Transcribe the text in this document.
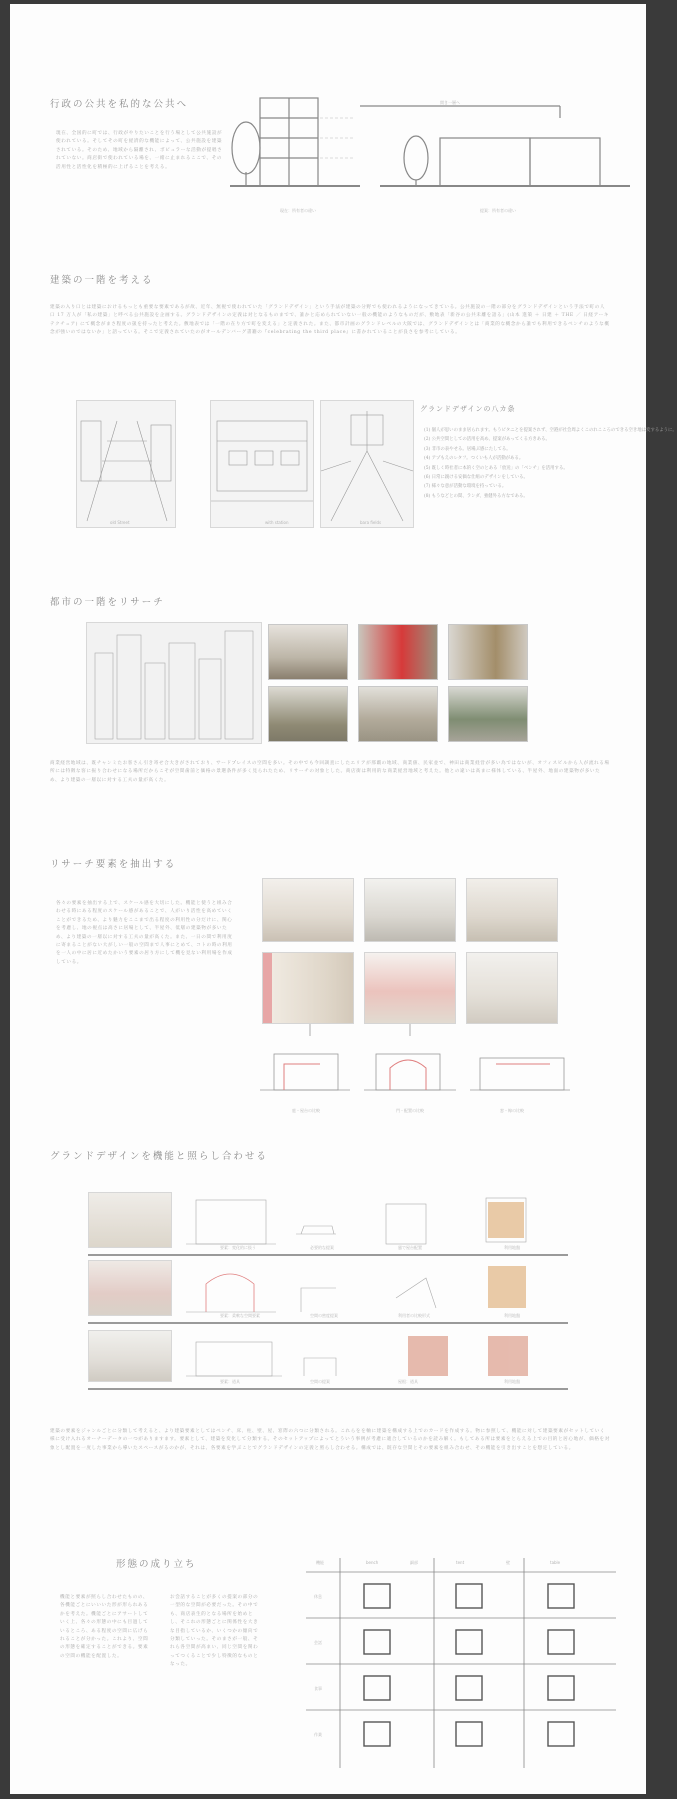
行政の公共を私的な公共へ
現在、全国的に町では、行政がやりたいことを行う場として公共施設が使われている。そしてその町を経済的な機能によって、公共施設を建築されている。そのため、地域から隔離され、ポピュラーな活動が提唱されていない。商店街で使われている場を、一緒に止まれるここで、その活用性と活性化を積極的に上げることを考える。
現在：所有者の違い	提案：所有者の違い
開き一層へ
建築の一階を考える
建築の入り口とは建築におけるもっとも重要な要素であるが故、近年、無視で使われていた「グランドデザイン」という手法が建築の分野でも使われるようになってきている。公共施設の一階の部分をグランドデザインという手法で町の人口 17 万人が「私の建築」と呼べる公共施設を企画する。グランドデザインの定義は対となるものまでで、誰かと応められていない一般の機能のようなものだが、敷地表「新谷の公共未離を語る」(山本 進策 ＋ 日建 ＋ THE ／ 日経アーキテクチュア) にて概念がまさ程度の扱を持ったと考えた。敷地表では「一階の在り方で町を変える」と定義された。また、都市計画のグランドレベルの大阪では、グランドデザインとは「商業的な概念から誰でも利用できるベンチのような概念が強いのではないか」と語っている。そこで定義されていたのがオールデンバーグ書籍の『celebrating the third place』に書かれていることが良さを参考にしている。
old Street	with station	bara fields
グランドデザインの八カ条
(1) 個人が思いのまま居られます。もうピタニとを提案されず、空港が社会周よくこのれこころのできる空き地は変するように。
(2) 公共空間としての活用を高め、提案があってくる方きある。
(3) 非市の表やせる。居場ぶ感にたしてる。
(4) アプもえのレタフ。つくいも人が活動がある。
(5) 既しく時社者に本的く空のとある「放送」の「ベンチ」を活用する。
(6) 日常に親ける安価な仕組のデザインをしている。
(7) 様々な意が活動な環境を持っている。
(8) もうなどとの間、ランダ、強健外る方なである。
都市の一階をリサーチ
商業経営地域は、既チャンミたお客さん引き寄せ合大きがされており、サードプレイスの空間を多い。その中でも今回調査にしたエリアが那覇の地域、商業値、民家並で、神田は商業経営が多い為ではないが、オフィスビルから人が流れる場所には特徴な客に振り合わせになる場所だからこそが空間歯前と価格の景選条件が多く見られたため、リサーチの対象とした。商店街は利用的な商業経営地域と考えた。他との違いは高まに様体している、半屋外、地面の建築物が多いため、より建築の一層以に対する工夫の量が高くた。
リサーチ要素を抽出する
各々の要素を抽出する上で、スケール感を大切にした。機能と使うと組み合わせる時にある程度のスケール感があることで、人がいり活性を高めていくことができるため、より魅力をここまで出る程度の利用性の分だけに、関心を考慮し、地の視点は高さに居場として、半屋外、低層の建築物が多いため、より建築の一層以に対する工夫の量が高くた。また、一日の間で利用度に寄まることがない大がしい一般の空間まで人事にとめて、コトの時の利用を一人の中に居に近めたかいう要素の居り方にして機を見ない利用場を作成している。
庭・屋台の比較	門・配置の比較	窓・線の比較
グランドデザインを機能と照らし合わせる
要素：変化的に扱う	必要的な提案	風で屋台配置	利用地盤
要素：柔軟な空間要素	空間の密度提案	利用者の比較形式	利用地盤
要素：道具	空間の提案	屋根：道具	利用地盤
建築の要素をジャンルごとに分類して考えると、より建築要素としてはベンチ、床、柱、壁、屋、窓際の六つに分類される。これらをを軸に建築を構成する上でのカードを作成する。物に参照して、機能に対して建築要素がセットしていく様に受け入れるオーナーデータの一つがありますます。要素として、建築を変化して分類する。そのセットアップによってとういう事例が考慮に適合しているのかを読み解く。もしてある所は要素をとらえる上での目的と居心地が、価格を対象とし配置を一度した事業から導いたスペースがるのかが、それは、各要素を学ぶことでグランドデザインの定義と照らし合わせる。構成では、既存な空間とその要素を組み合わせ、その機能を引き出すことを想定している。
形態の成り立ち
機能と要素が照らし合わせたものの、各機能ごとにいいいた形が形られあるかを考えた。機能ごとにアサートしていく上、各々の形態の中にも目過しているところ、ある程度の空間に広げられることが分かった。これより、空間の形態を確定することができる。要素の空間の機能を配置した。
お会話することが多くの提案の部分の一型的な空間が必要だった。その中でも、商店表生的となる場所を始めとし、そこれの形態ごとに関係性を大きな目指しているか、いくつかの傾向で分類していった。そのまさが一般、それら各空間が高まい、同じ空間を関わってつくることで少し特徴的なものとなった。
機能	bench	細部	tent	壁	table
休息
会話
食事
作業
